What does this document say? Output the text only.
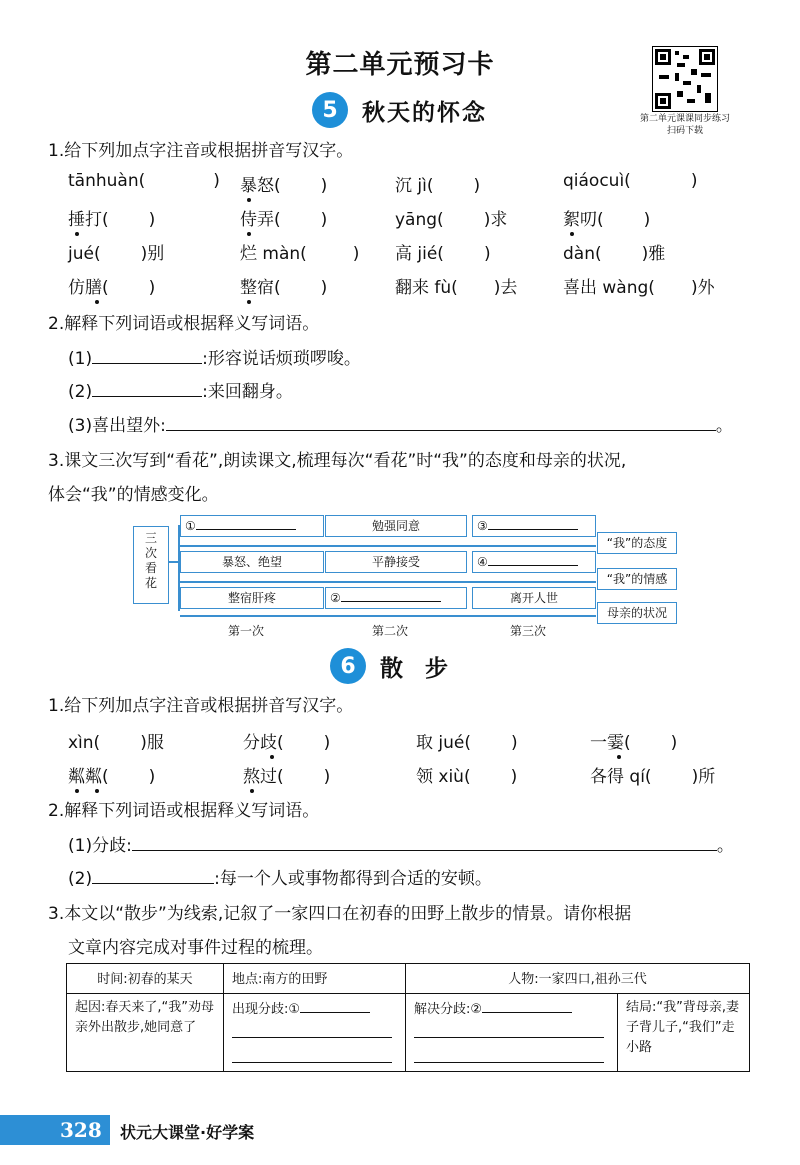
第二单元预习卡
第二单元课课同步练习
扫码下载
5	秋天的怀念
1.给下列加点字注音或根据拼音写汉字。
tānhuàn(	) 暴怒( )	沉 jì( )	qiáocuì(	)
捶打( )	侍弄( )	yāng( )求	絮叨( )
jué( )别	烂 màn(	) 高 jié( )	dàn( )雅
仿膳( )	整宿( )	翻来 fù( )去	喜出 wàng( )外
2.解释下列词语或根据释义写词语。
(1)	:形容说话烦琐啰唆。
(2)	:来回翻身。
(3)喜出望外:	。
3.课文三次写到“看花”,朗读课文,梳理每次“看花”时“我”的态度和母亲的状况,
体会“我”的情感变化。
三次看花
①	勉强同意	③
暴怒、绝望	平静接受	④
整宿肝疼	②	离开人世
“我”的态度
“我”的情感
母亲的状况
第一次	第二次	第三次
6	散  步
1.给下列加点字注音或根据拼音写汉字。
xìn( )服	分歧( )	取 jué( )	一霎( )
粼粼( )	熬过( )	领 xiù( )	各得 qí( )所
2.解释下列词语或根据释义写词语。
(1)分歧:	。
(2)	:每一个人或事物都得到合适的安顿。
3.本文以“散步”为线索,记叙了一家四口在初春的田野上散步的情景。请你根据
文章内容完成对事件过程的梳理。
时间:初春的某天	地点:南方的田野	人物:一家四口,祖孙三代	
起因:春天来了,“我”劝母亲外出散步,她同意了	出现分歧:①	解决分歧:②	结局:“我”背母亲,妻子背儿子,“我们”走小路
328 状元大课堂·好学案
